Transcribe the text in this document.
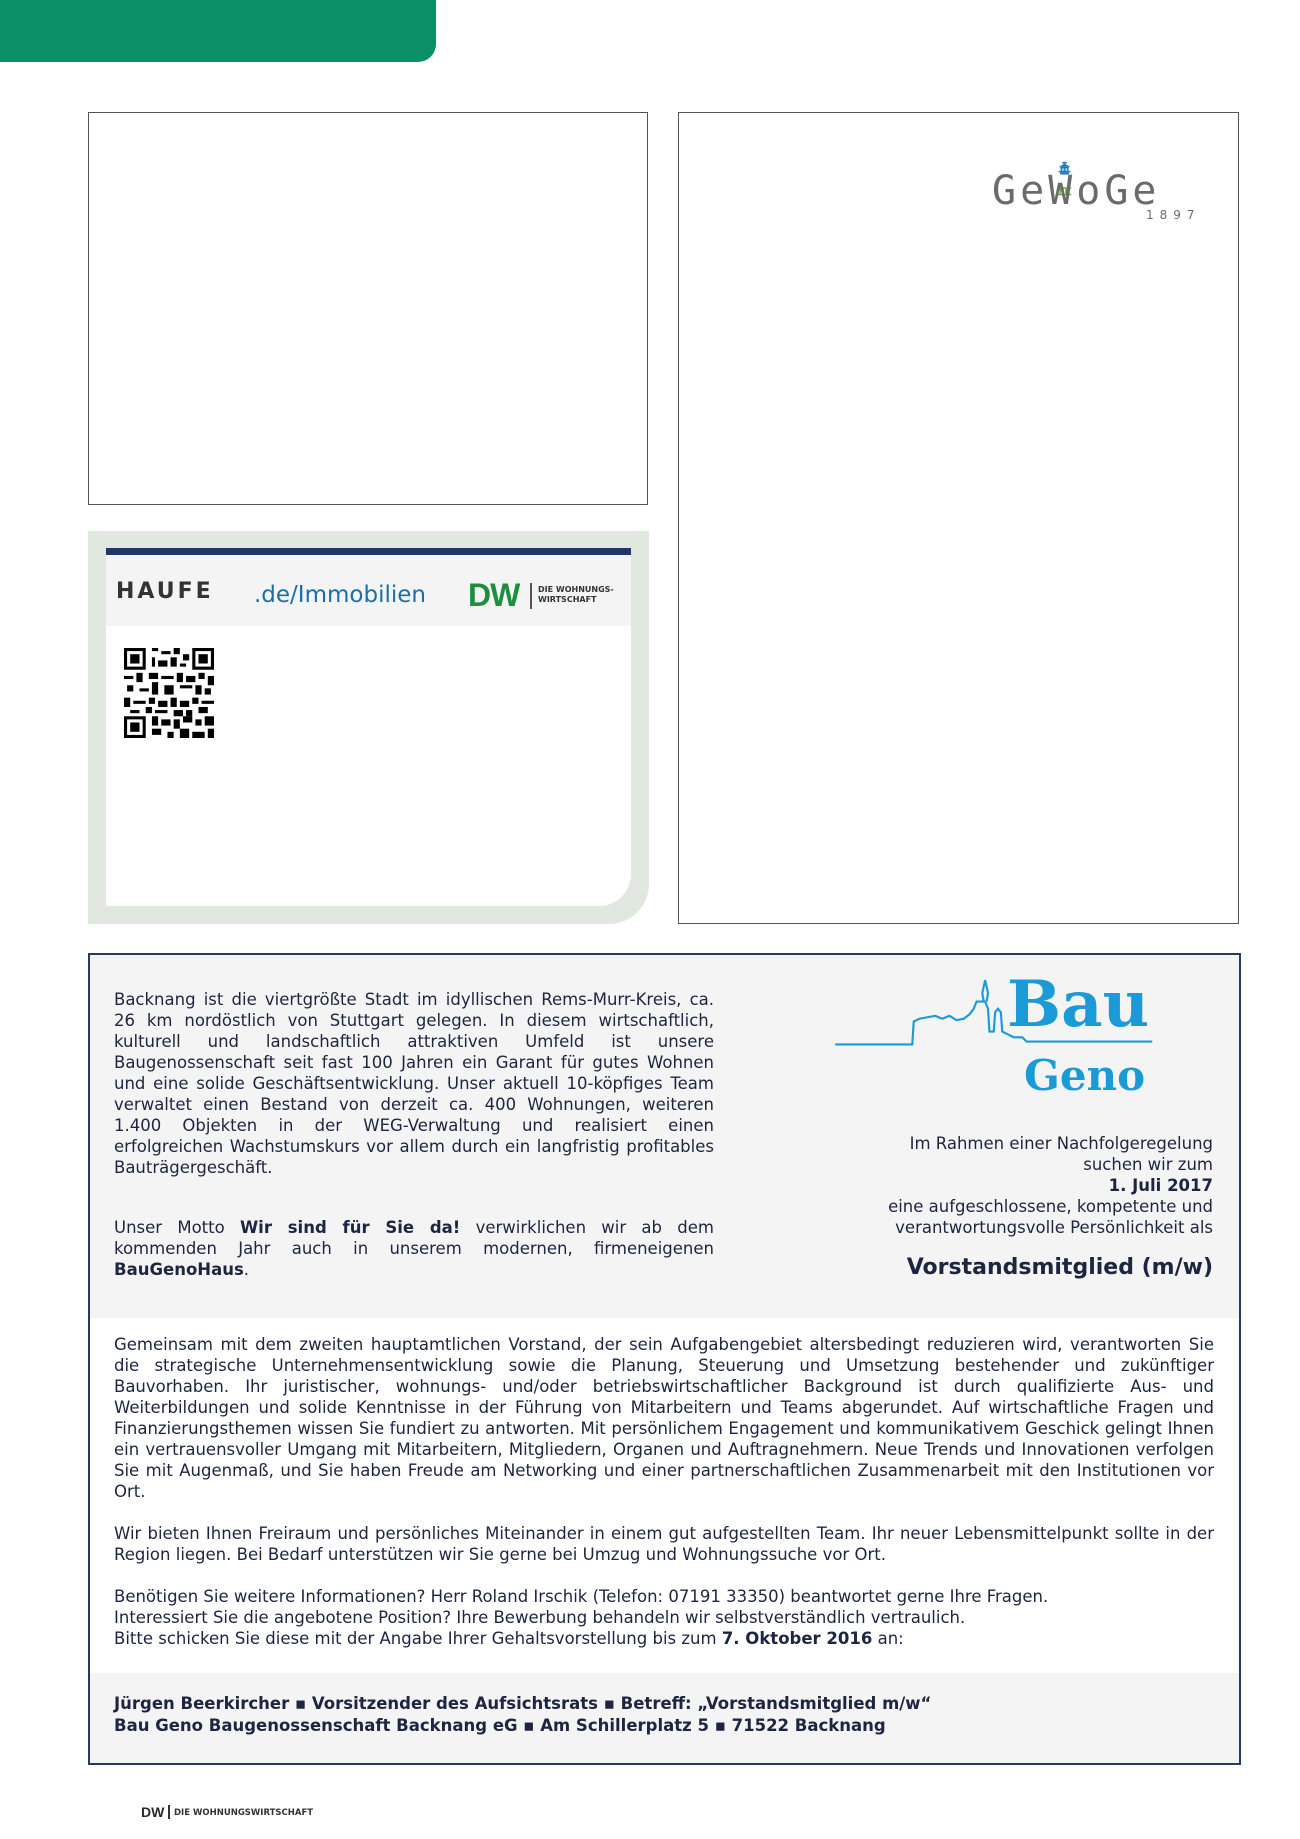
GeWoGe
1897
HAUFE .de/Immobilien DW DIE WOHNUNGS-WIRTSCHAFT

Backnang ist die viertgrößte Stadt im idyllischen Rems-Murr-Kreis, ca. 26 km nordöstlich von Stuttgart gelegen. In diesem wirtschaftlich, kulturell und landschaftlich attraktiven Umfeld ist unsere Baugenossenschaft seit fast 100 Jahren ein Garant für gutes Wohnen und eine solide Geschäftsentwicklung. Unser aktuell 10-köpfiges Team verwaltet einen Bestand von derzeit ca. 400 Wohnungen, weiteren 1.400 Objekten in der WEG-Verwaltung und realisiert einen erfolgreichen Wachstumskurs vor allem durch ein langfristig profitables Bauträgergeschäft.

Unser Motto Wir sind für Sie da! verwirklichen wir ab dem kommenden Jahr auch in unserem modernen, firmeneigenen BauGenoHaus.

Bau
Geno

Im Rahmen einer Nachfolgeregelung

suchen wir zum

1. Juli 2017

eine aufgeschlossene, kompetente und

verantwortungsvolle Persönlichkeit als

Vorstandsmitglied (m/w)

Gemeinsam mit dem zweiten hauptamtlichen Vorstand, der sein Aufgabengebiet altersbedingt reduzieren wird, verantworten Sie die strategische Unternehmensentwicklung sowie die Planung, Steuerung und Umsetzung bestehender und zukünftiger Bauvorhaben. Ihr juristischer, wohnungs- und/oder betriebswirtschaftlicher Background ist durch qualifizierte Aus- und Weiterbildungen und solide Kenntnisse in der Führung von Mitarbeitern und Teams abgerundet. Auf wirtschaftliche Fragen und Finanzierungsthemen wissen Sie fundiert zu antworten. Mit persönlichem Engagement und kommunikativem Geschick gelingt Ihnen ein vertrauensvoller Umgang mit Mitarbeitern, Mitgliedern, Organen und Auftragnehmern. Neue Trends und Innovationen verfolgen Sie mit Augenmaß, und Sie haben Freude am Networking und einer partnerschaftlichen Zusammenarbeit mit den Institutionen vor Ort.

Wir bieten Ihnen Freiraum und persönliches Miteinander in einem gut aufgestellten Team. Ihr neuer Lebensmittelpunkt sollte in der Region liegen. Bei Bedarf unterstützen wir Sie gerne bei Umzug und Wohnungssuche vor Ort.

Benötigen Sie weitere Informationen? Herr Roland Irschik (Telefon: 07191 33350) beantwortet gerne Ihre Fragen.
Interessiert Sie die angebotene Position? Ihre Bewerbung behandeln wir selbstverständlich vertraulich.
Bitte schicken Sie diese mit der Angabe Ihrer Gehaltsvorstellung bis zum 7. Oktober 2016 an:

Jürgen Beerkircher ▪ Vorsitzender des Aufsichtsrats ▪ Betreff: „Vorstandsmitglied m/w“
Bau Geno Baugenossenschaft Backnang eG ▪ Am Schillerplatz 5 ▪ 71522 Backnang
DW DIE WOHNUNGSWIRTSCHAFT
